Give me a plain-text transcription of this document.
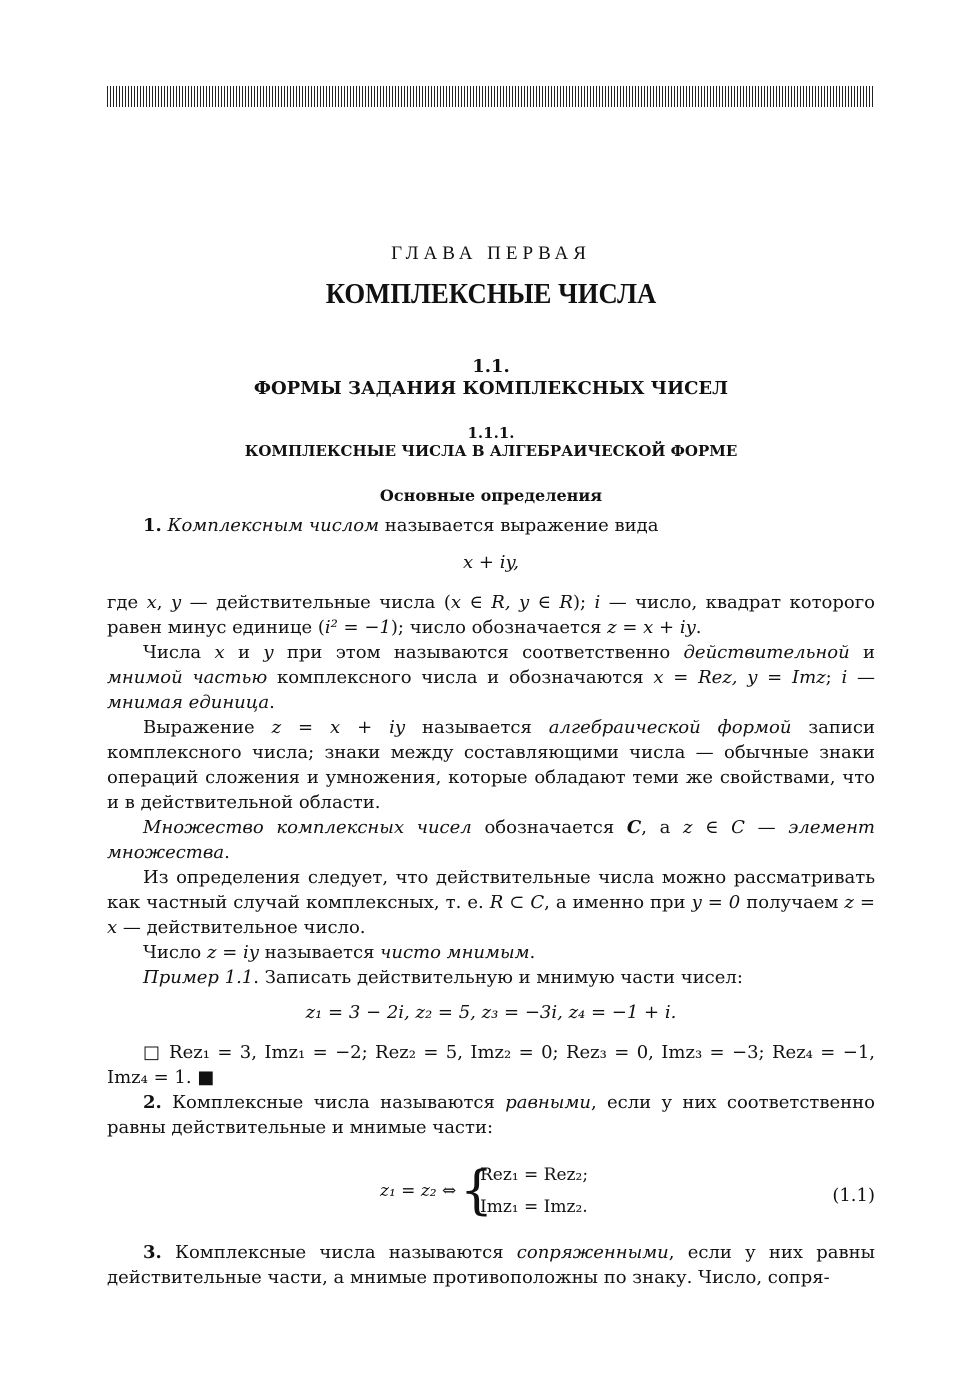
ГЛАВА ПЕРВАЯ
КОМПЛЕКСНЫЕ ЧИСЛА
1.1.
ФОРМЫ ЗАДАНИЯ КОМПЛЕКСНЫХ ЧИСЕЛ
1.1.1.
КОМПЛЕКСНЫЕ ЧИСЛА В АЛГЕБРАИЧЕСКОЙ ФОРМЕ
Основные определения

1. Комплексным числом называется выражение вида

x + iy,

где x, y — действительные числа (x ∈ R, y ∈ R); i — число, квадрат которого равен минус единице (i² = −1); число обозначается z = x + iy.

Числа x и y при этом называются соответственно действительной и мнимой частью комплексного числа и обозначаются x = Rez, y = Imz; i — мнимая единица.

Выражение z = x + iy называется алгебраической формой записи комплексного числа; знаки между составляющими числа — обычные знаки операций сложения и умножения, которые обладают теми же свойствами, что и в действительной области.

Множество комплексных чисел обозначается C, а z ∈ C — элемент множества.

Из определения следует, что действительные числа можно рассматривать как частный случай комплексных, т. е. R ⊂ C, а именно при y = 0 получаем z = x — действительное число.

Число z = iy называется чисто мнимым.

Пример 1.1. Записать действительную и мнимую части чисел:

z₁ = 3 − 2i, z₂ = 5, z₃ = −3i, z₄ = −1 + i.

□ Rez₁ = 3, Imz₁ = −2; Rez₂ = 5, Imz₂ = 0; Rez₃ = 0, Imz₃ = −3; Rez₄ = −1, Imz₄ = 1. ■

2. Комплексные числа называются равными, если у них соответственно равны действительные и мнимые части:

z₁ = z₂ ⇔ {
Rez₁ = Rez₂;
Imz₁ = Imz₂.
(1.1)

3. Комплексные числа называются сопряженными, если у них равны действительные части, а мнимые противоположны по знаку. Число, сопря-
